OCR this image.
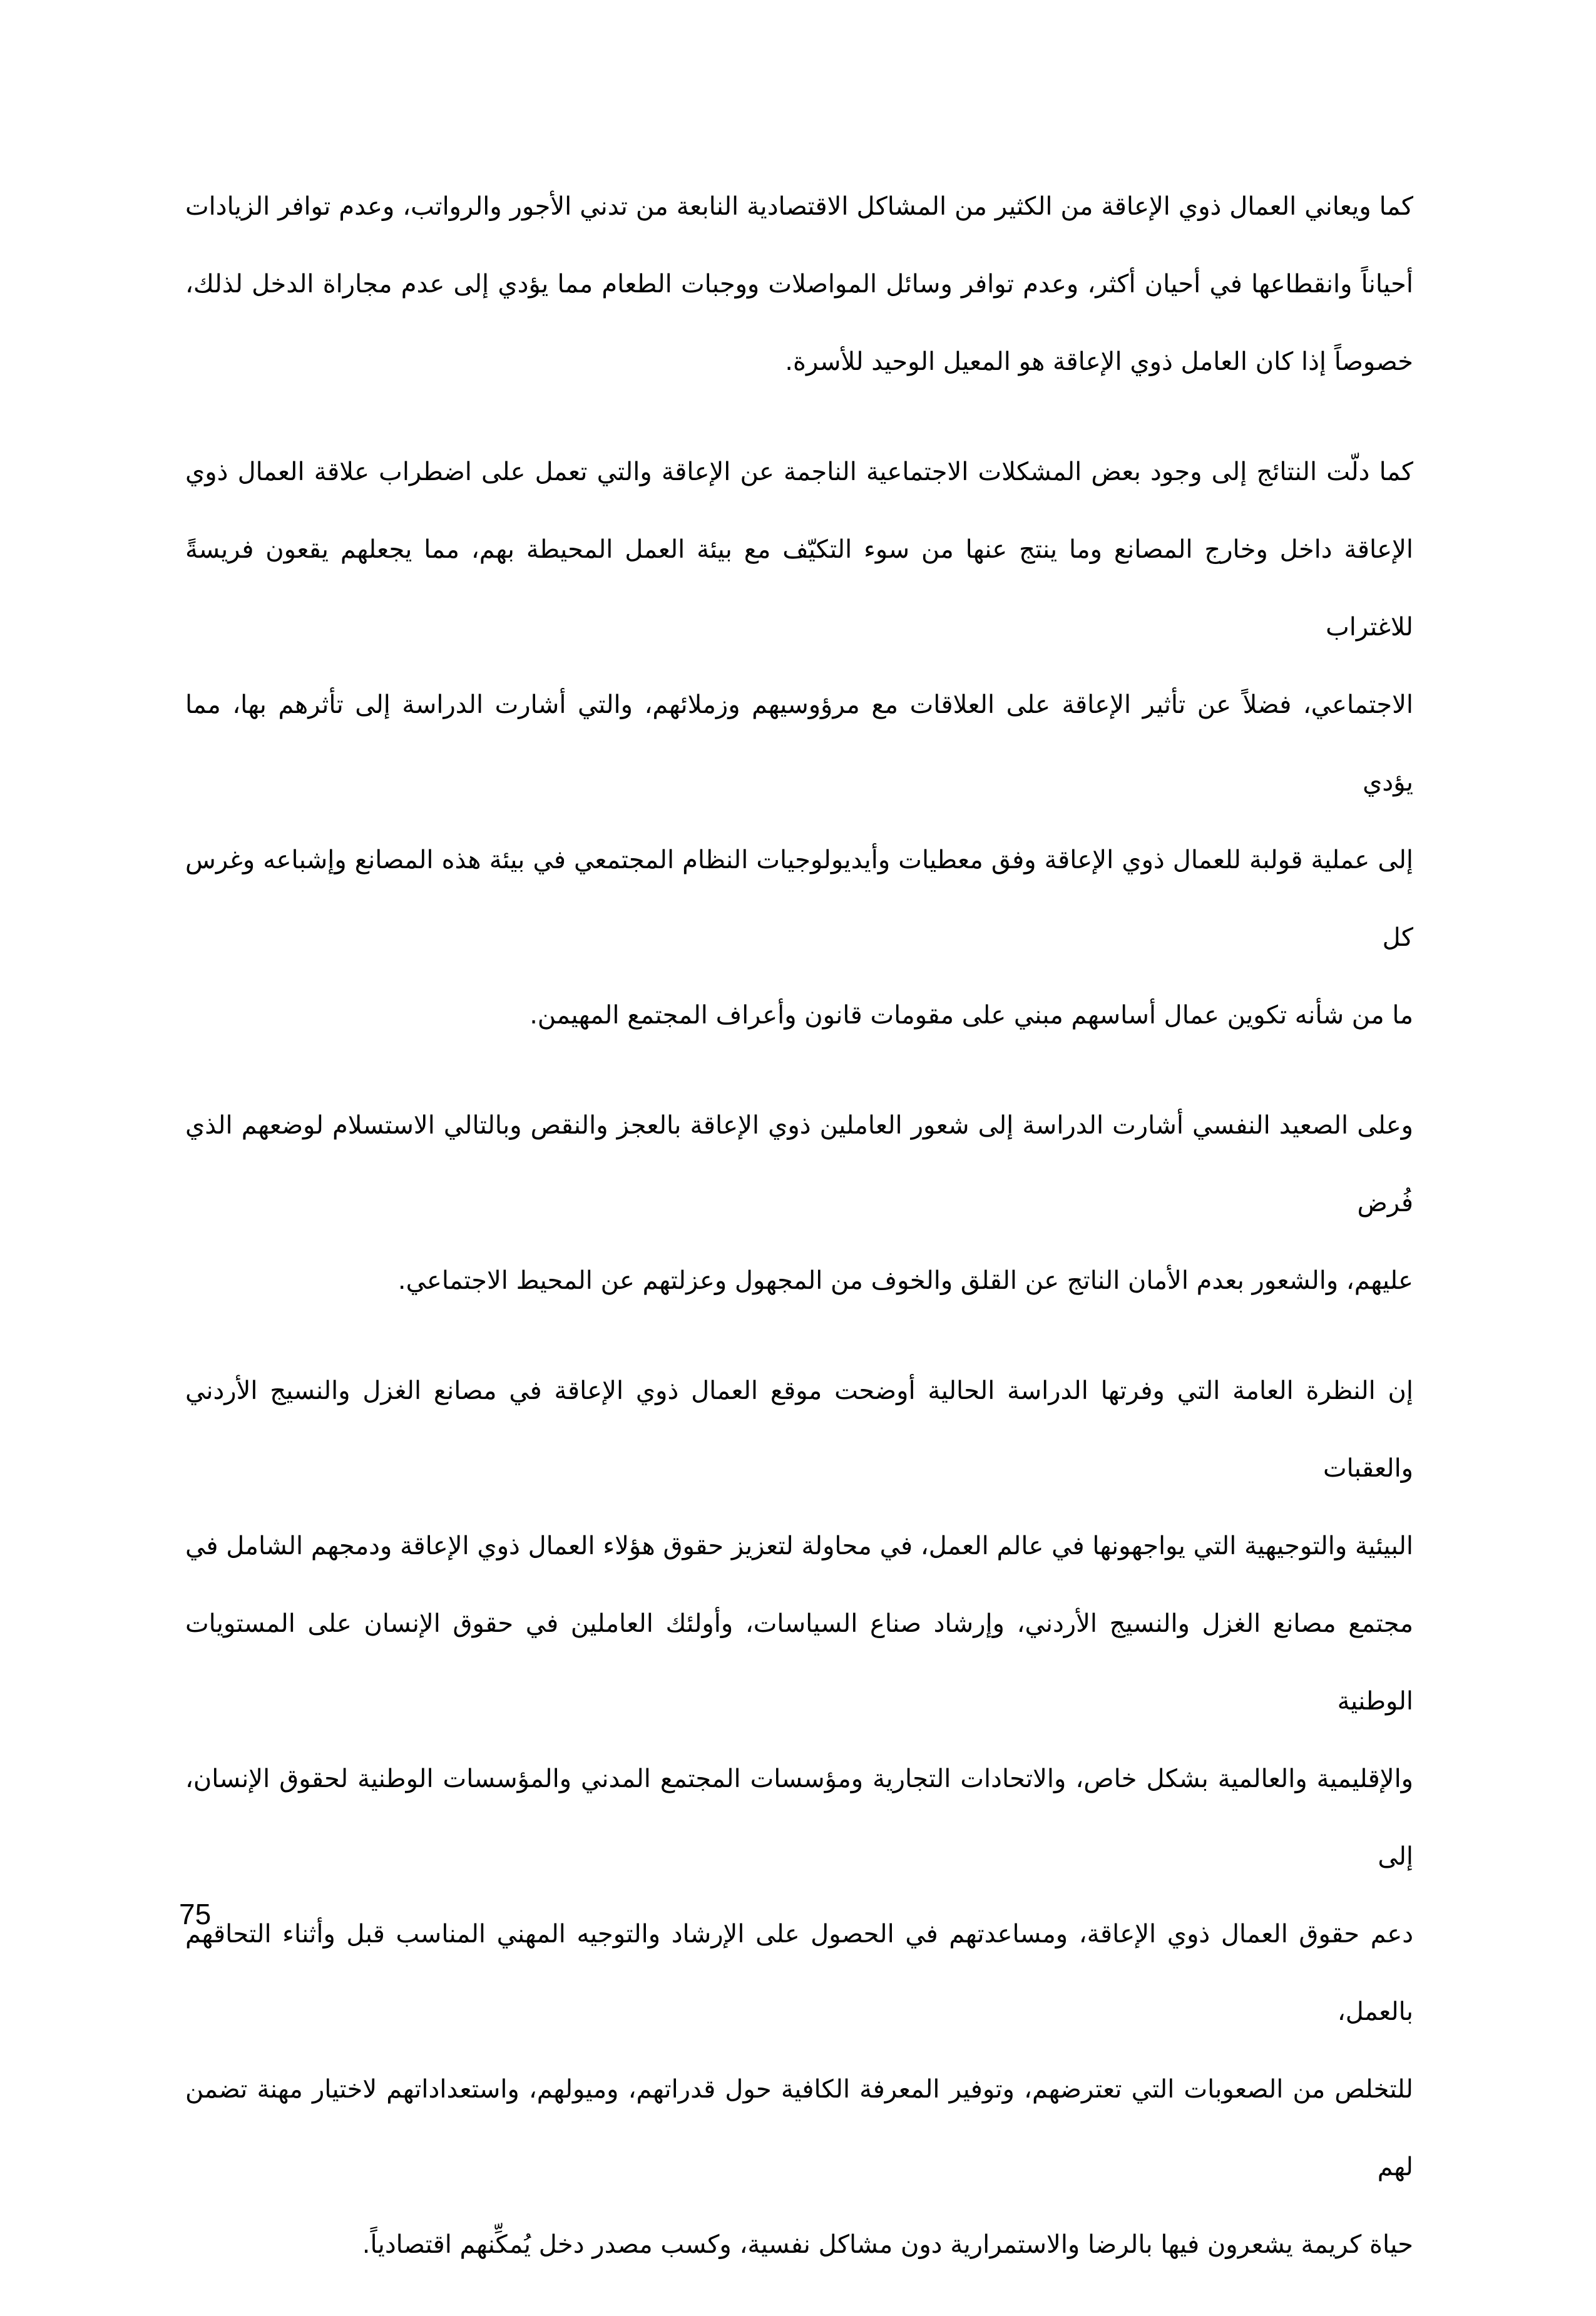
كما ويعاني العمال ذوي الإعاقة من الكثير من المشاكل الاقتصادية النابعة من تدني الأجور والرواتب، وعدم توافر الزيادات
أحياناً وانقطاعها في أحيان أكثر، وعدم توافر وسائل المواصلات ووجبات الطعام مما يؤدي إلى عدم مجاراة الدخل لذلك،
خصوصاً إذا كان العامل ذوي الإعاقة هو المعيل الوحيد للأسرة.
كما دلّت النتائج إلى وجود بعض المشكلات الاجتماعية الناجمة عن الإعاقة والتي تعمل على اضطراب علاقة العمال ذوي
الإعاقة داخل وخارج المصانع وما ينتج عنها من سوء التكيّف مع بيئة العمل المحيطة بهم، مما يجعلهم يقعون فريسةً للاغتراب
الاجتماعي، فضلاً عن تأثير الإعاقة على العلاقات مع مرؤوسيهم وزملائهم، والتي أشارت الدراسة إلى تأثرهم بها، مما يؤدي
إلى عملية قولبة للعمال ذوي الإعاقة وفق معطيات وأيديولوجيات النظام المجتمعي في بيئة هذه المصانع وإشباعه وغرس كل
ما من شأنه تكوين عمال أساسهم مبني على مقومات قانون وأعراف المجتمع المهيمن.
وعلى الصعيد النفسي أشارت الدراسة إلى شعور العاملين ذوي الإعاقة بالعجز والنقص وبالتالي الاستسلام لوضعهم الذي فُرض
عليهم، والشعور بعدم الأمان الناتج عن القلق والخوف من المجهول وعزلتهم عن المحيط الاجتماعي.
إن النظرة العامة التي وفرتها الدراسة الحالية أوضحت موقع العمال ذوي الإعاقة في مصانع الغزل والنسيج الأردني والعقبات
البيئية والتوجيهية التي يواجهونها في عالم العمل، في محاولة لتعزيز حقوق هؤلاء العمال ذوي الإعاقة ودمجهم الشامل في
مجتمع مصانع الغزل والنسيج الأردني، وإرشاد صناع السياسات، وأولئك العاملين في حقوق الإنسان على المستويات الوطنية
والإقليمية والعالمية بشكل خاص، والاتحادات التجارية ومؤسسات المجتمع المدني والمؤسسات الوطنية لحقوق الإنسان، إلى
دعم حقوق العمال ذوي الإعاقة، ومساعدتهم في الحصول على الإرشاد والتوجيه المهني المناسب قبل وأثناء التحاقهم بالعمل،
للتخلص من الصعوبات التي تعترضهم، وتوفير المعرفة الكافية حول قدراتهم، وميولهم، واستعداداتهم لاختيار مهنة تضمن لهم
حياة كريمة يشعرون فيها بالرضا والاستمرارية دون مشاكل نفسية، وكسب مصدر دخل يُمكِّنهم اقتصادياً.
75
